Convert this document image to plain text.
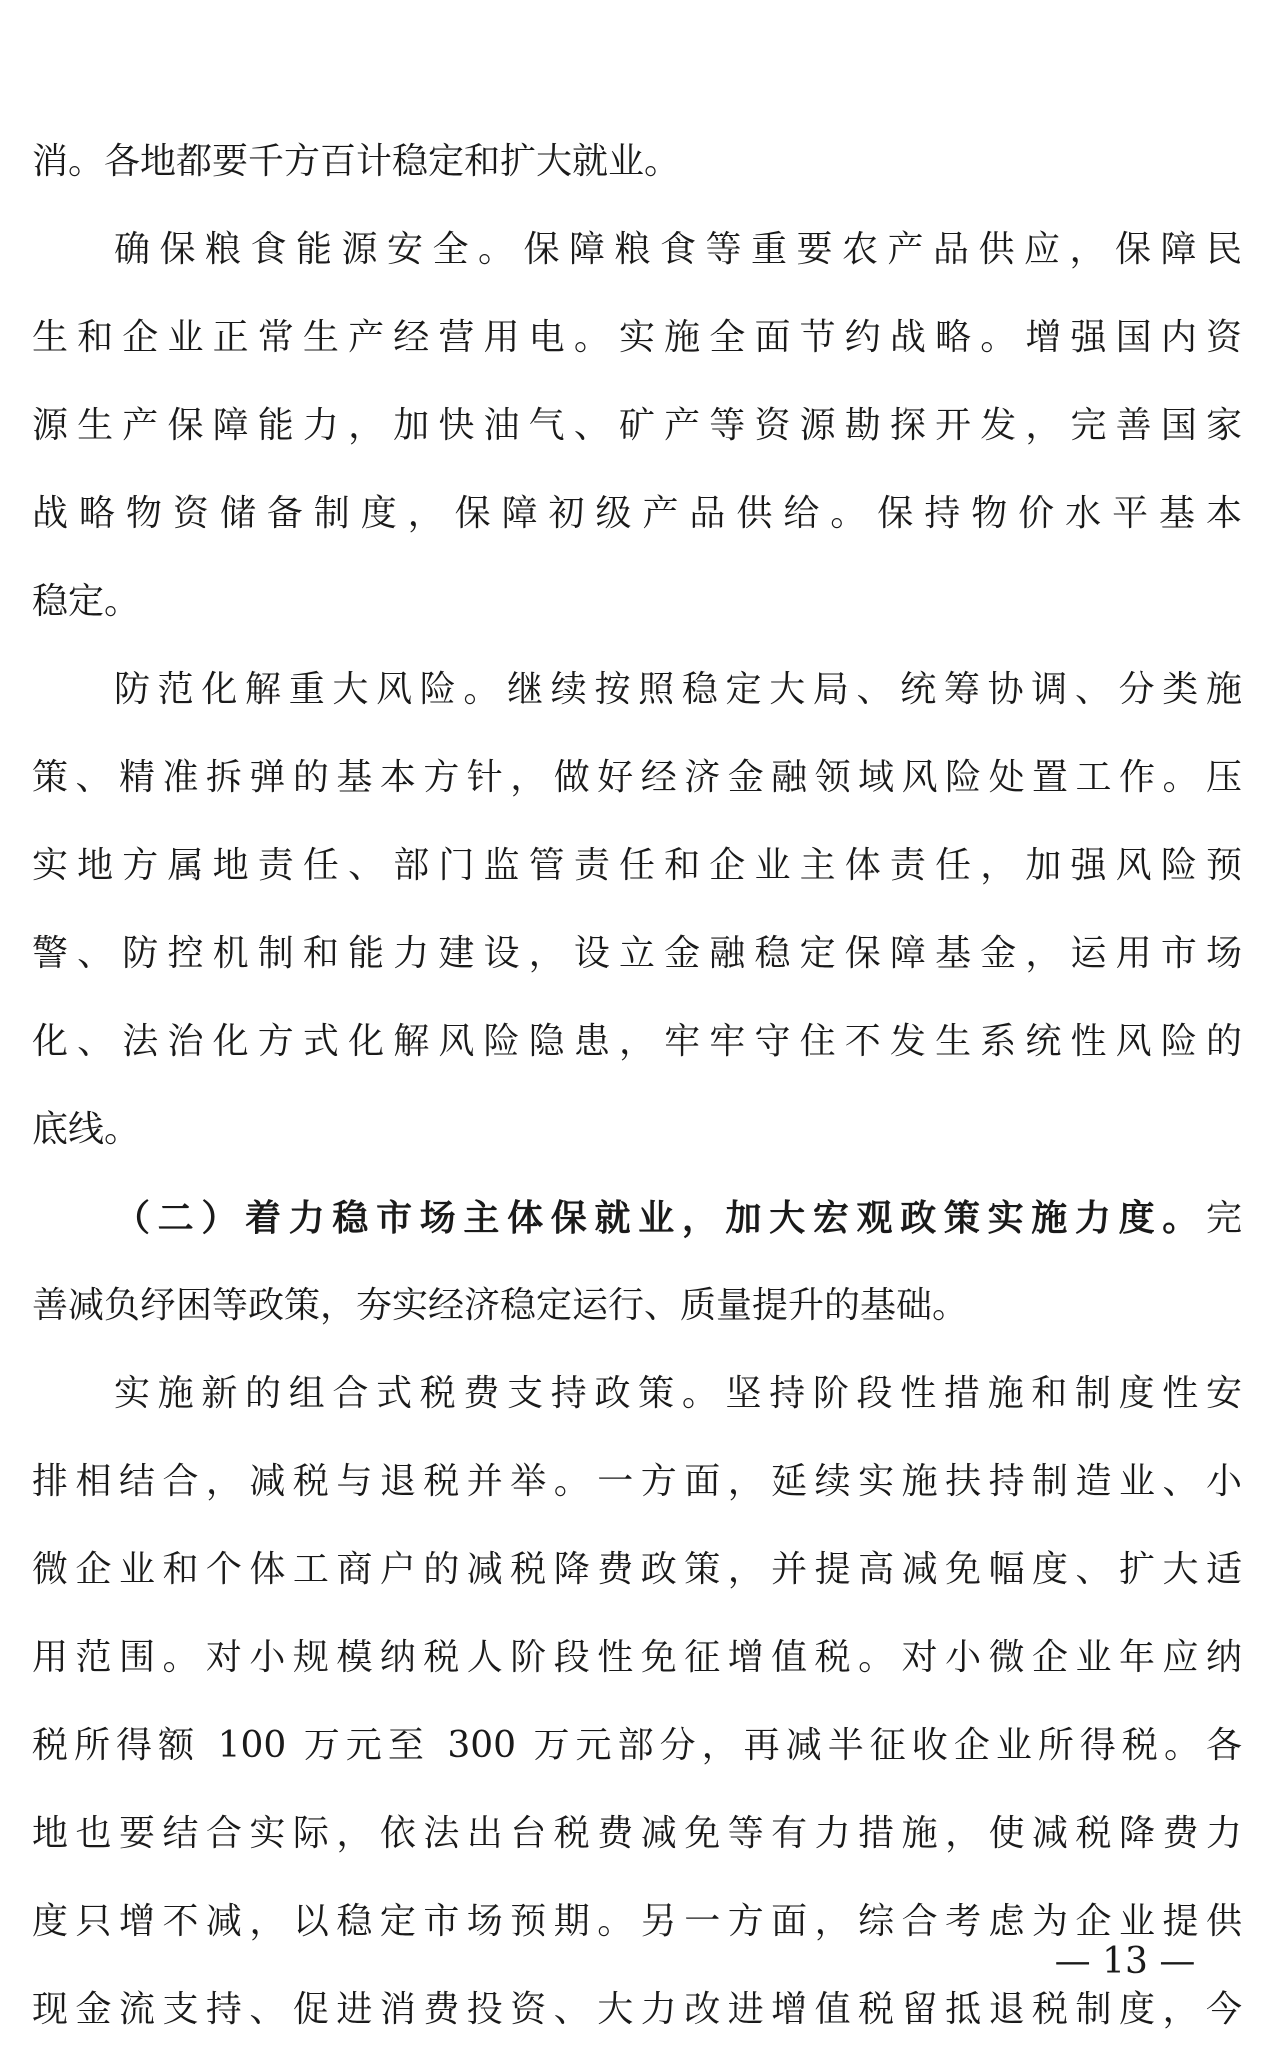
消。各地都要千方百计稳定和扩大就业。
确保粮食能源安全。保障粮食等重要农产品供应，保障民
生和企业正常生产经营用电。实施全面节约战略。增强国内资
源生产保障能力，加快油气、矿产等资源勘探开发，完善国家
战略物资储备制度，保障初级产品供给。保持物价水平基本
稳定。
防范化解重大风险。继续按照稳定大局、统筹协调、分类施
策、精准拆弹的基本方针，做好经济金融领域风险处置工作。压
实地方属地责任、部门监管责任和企业主体责任，加强风险预
警、防控机制和能力建设，设立金融稳定保障基金，运用市场
化、法治化方式化解风险隐患，牢牢守住不发生系统性风险的
底线。
（二）着力稳市场主体保就业，加大宏观政策实施力度。完
善减负纾困等政策，夯实经济稳定运行、质量提升的基础。
实施新的组合式税费支持政策。坚持阶段性措施和制度性安
排相结合，减税与退税并举。一方面，延续实施扶持制造业、小
微企业和个体工商户的减税降费政策，并提高减免幅度、扩大适
用范围。对小规模纳税人阶段性免征增值税。对小微企业年应纳
税所得额 100 万元至 300 万元部分，再减半征收企业所得税。各
地也要结合实际，依法出台税费减免等有力措施，使减税降费力
度只增不减，以稳定市场预期。另一方面，综合考虑为企业提供
现金流支持、促进消费投资、大力改进增值税留抵退税制度，今
— 13 —
